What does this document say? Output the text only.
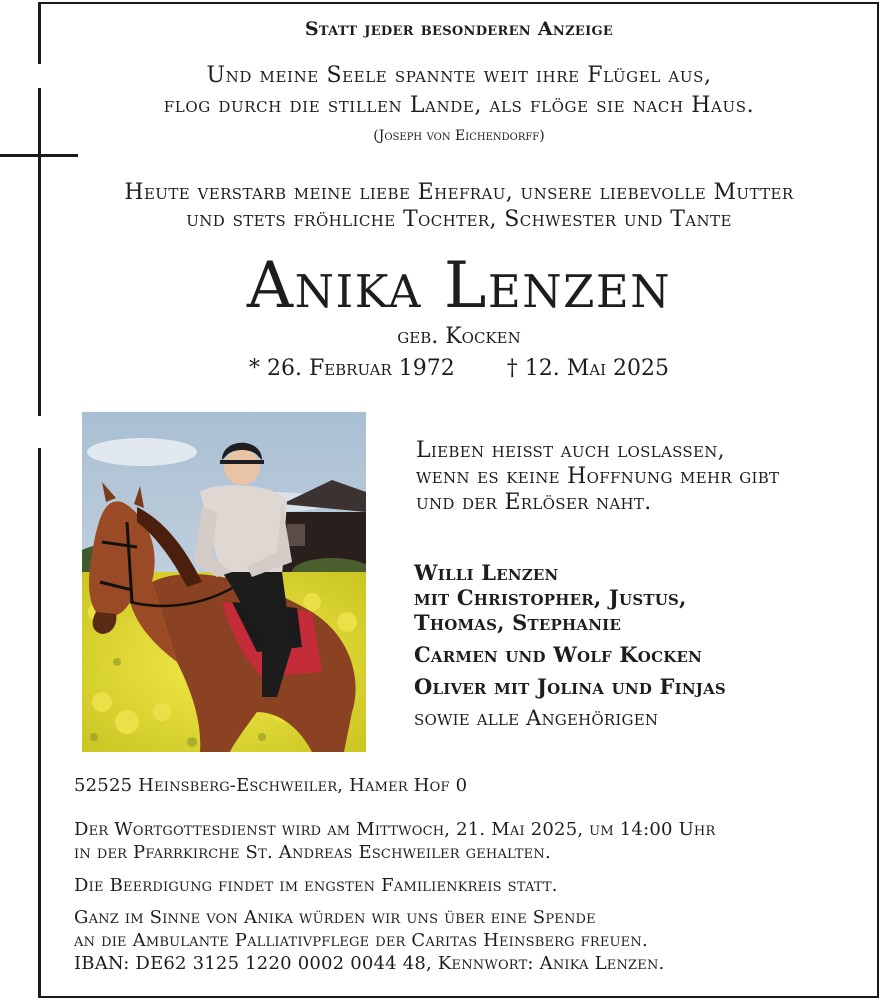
Statt jeder besonderen Anzeige
Und meine Seele spannte weit ihre Flügel aus,
flog durch die stillen Lande, als flöge sie nach Haus.
(Joseph von Eichendorff)
Heute verstarb meine liebe Ehefrau, unsere liebevolle Mutter
und stets fröhliche Tochter, Schwester und Tante
Anika Lenzen
geb. Kocken
* 26. Februar 1972 † 12. Mai 2025
Lieben heißt auch loslassen,
wenn es keine Hoffnung mehr gibt
und der Erlöser naht.
Willi Lenzen
mit Christopher, Justus,
Thomas, Stephanie
Carmen und Wolf Kocken
Oliver mit Jolina und Finjas
sowie alle Angehörigen
52525 Heinsberg-Eschweiler, Hamer Hof 0
Der Wortgottesdienst wird am Mittwoch, 21. Mai 2025, um 14:00 Uhr
in der Pfarrkirche St. Andreas Eschweiler gehalten.
Die Beerdigung findet im engsten Familienkreis statt.
Ganz im Sinne von Anika würden wir uns über eine Spende
an die Ambulante Palliativpflege der Caritas Heinsberg freuen.
IBAN: DE62 3125 1220 0002 0044 48, Kennwort: Anika Lenzen.
